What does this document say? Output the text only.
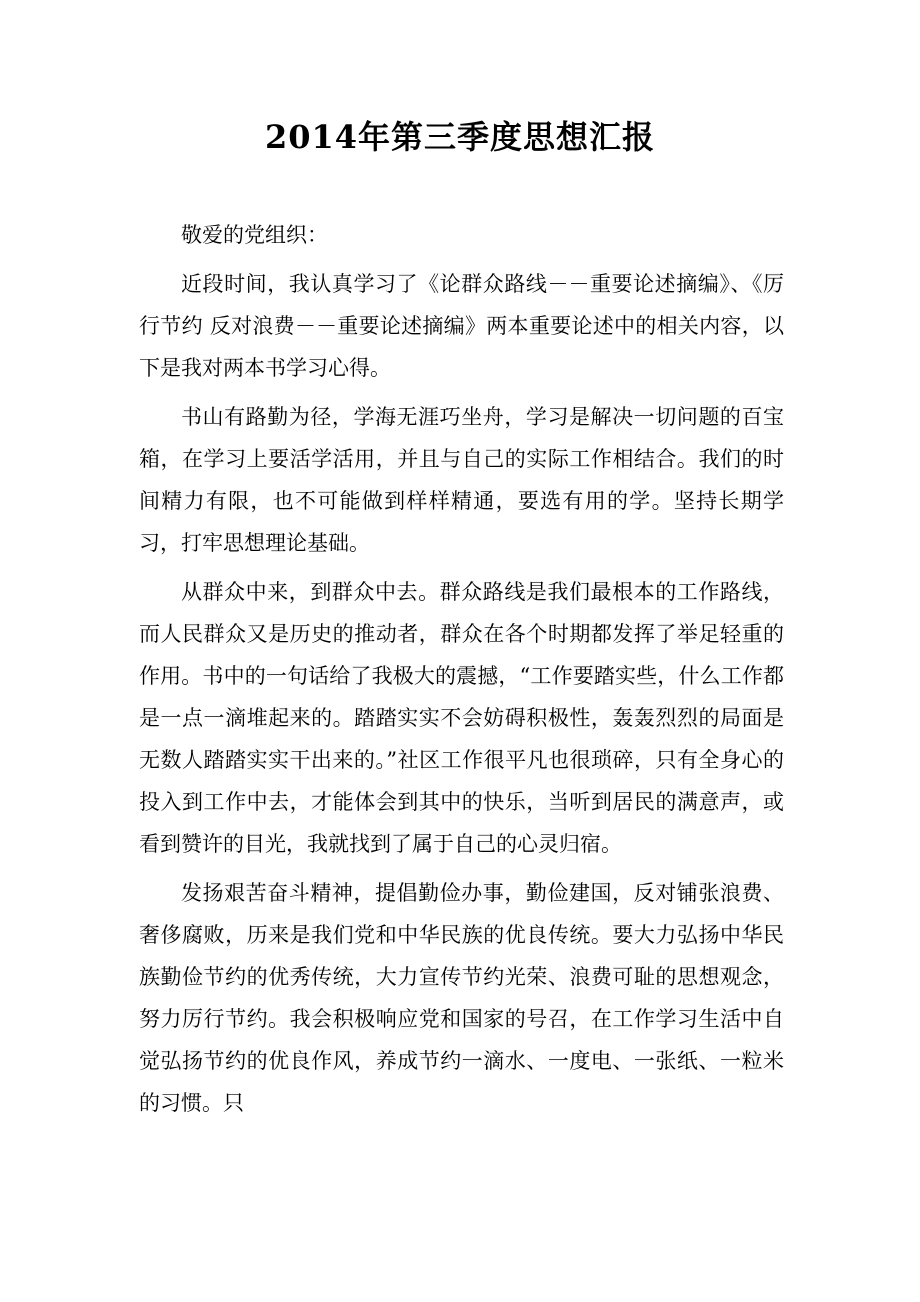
2014年第三季度思想汇报

敬爱的党组织：

近段时间，我认真学习了《论群众路线－－重要论述摘编》、《厉行节约 反对浪费－－重要论述摘编》两本重要论述中的相关内容，以下是我对两本书学习心得。

书山有路勤为径，学海无涯巧坐舟，学习是解决一切问题的百宝箱，在学习上要活学活用，并且与自己的实际工作相结合。我们的时间精力有限，也不可能做到样样精通，要选有用的学。坚持长期学习，打牢思想理论基础。

从群众中来，到群众中去。群众路线是我们最根本的工作路线，而人民群众又是历史的推动者，群众在各个时期都发挥了举足轻重的作用。书中的一句话给了我极大的震撼，“工作要踏实些，什么工作都是一点一滴堆起来的。踏踏实实不会妨碍积极性，轰轰烈烈的局面是无数人踏踏实实干出来的。”社区工作很平凡也很琐碎，只有全身心的投入到工作中去，才能体会到其中的快乐，当听到居民的满意声，或看到赞许的目光，我就找到了属于自己的心灵归宿。

发扬艰苦奋斗精神，提倡勤俭办事，勤俭建国，反对铺张浪费、奢侈腐败，历来是我们党和中华民族的优良传统。要大力弘扬中华民族勤俭节约的优秀传统，大力宣传节约光荣、浪费可耻的思想观念，努力厉行节约。我会积极响应党和国家的号召，在工作学习生活中自觉弘扬节约的优良作风，养成节约一滴水、一度电、一张纸、一粒米的习惯。只
